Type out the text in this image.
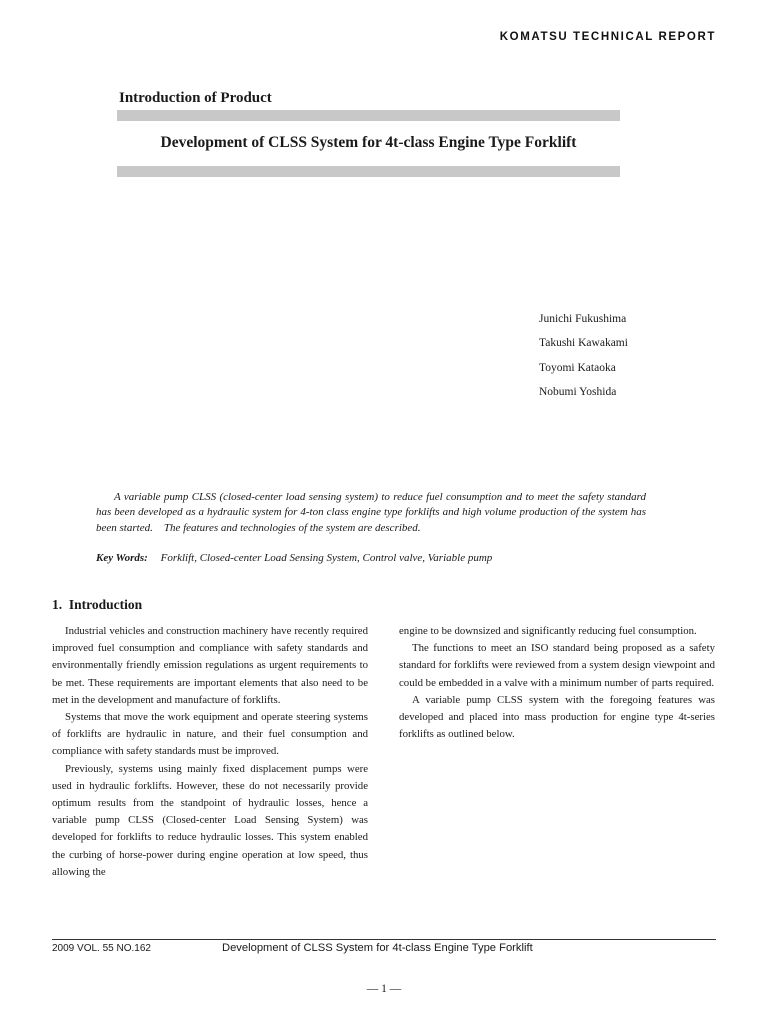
KOMATSU TECHNICAL REPORT
Introduction of Product
Development of CLSS System for 4t-class Engine Type Forklift
Junichi Fukushima
Takushi Kawakami
Toyomi Kataoka
Nobumi Yoshida
A variable pump CLSS (closed-center load sensing system) to reduce fuel consumption and to meet the safety standard has been developed as a hydraulic system for 4-ton class engine type forklifts and high volume production of the system has been started.    The features and technologies of the system are described.
Key Words: Forklift, Closed-center Load Sensing System, Control valve, Variable pump
1.  Introduction

Industrial vehicles and construction machinery have recently required improved fuel consumption and compliance with safety standards and environmentally friendly emission regulations as urgent requirements to be met. These requirements are important elements that also need to be met in the development and manufacture of forklifts.

Systems that move the work equipment and operate steering systems of forklifts are hydraulic in nature, and their fuel consumption and compliance with safety standards must be improved.

Previously, systems using mainly fixed displacement pumps were used in hydraulic forklifts. However, these do not necessarily provide optimum results from the standpoint of hydraulic losses, hence a variable pump CLSS (Closed-center Load Sensing System) was developed for forklifts to reduce hydraulic losses. This system enabled the curbing of horse-power during engine operation at low speed, thus allowing the

engine to be downsized and significantly reducing fuel consumption.

The functions to meet an ISO standard being proposed as a safety standard for forklifts were reviewed from a system design viewpoint and could be embedded in a valve with a minimum number of parts required.

A variable pump CLSS system with the foregoing features was developed and placed into mass production for engine type 4t-series forklifts as outlined below.

2009 VOL. 55 NO.162	Development of CLSS System for 4t-class Engine Type Forklift
— 1 —
